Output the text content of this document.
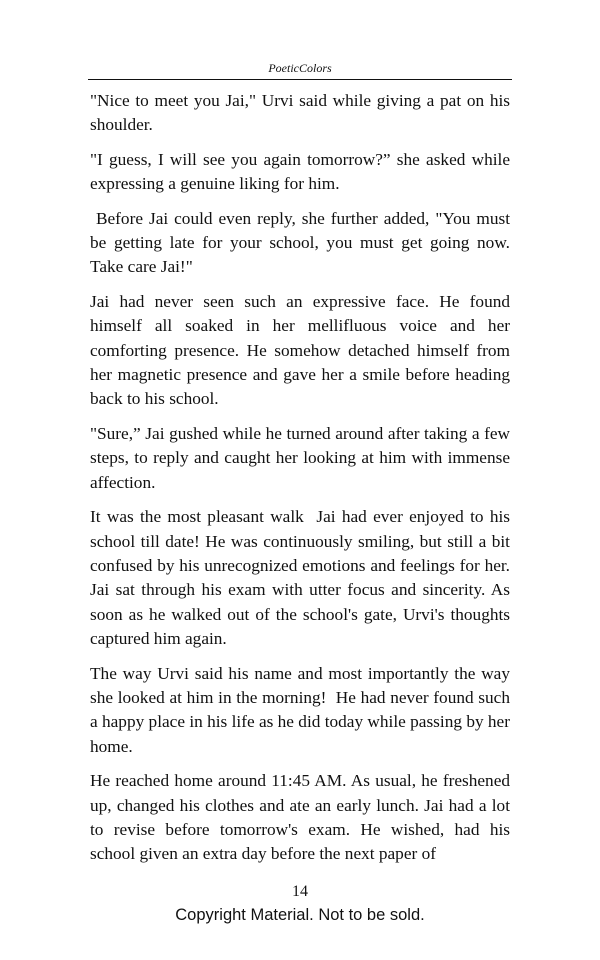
PoeticColors

"Nice to meet you Jai," Urvi said while giving a pat on his shoulder.

"I guess, I will see you again tomorrow?” she asked while expressing a genuine liking for him.

Before Jai could even reply, she further added, "You must be getting late for your school, you must get going now. Take care Jai!"

Jai had never seen such an expressive face. He found himself all soaked in her mellifluous voice and her comforting presence. He somehow detached himself from her magnetic presence and gave her a smile before heading back to his school.

"Sure,” Jai gushed while he turned around after taking a few steps, to reply and caught her looking at him with immense affection.

It was the most pleasant walk  Jai had ever enjoyed to his school till date! He was continuously smiling, but still a bit confused by his unrecognized emotions and feelings for her.  Jai sat through his exam with utter focus and sincerity. As soon as he walked out of the school's gate, Urvi's thoughts captured him again.

The way Urvi said his name and most importantly the way she looked at him in the morning!  He had never found such a happy place in his life as he did today while passing by her home.

He reached home around 11:45 AM. As usual, he freshened up, changed his clothes and ate an early lunch. Jai had a lot to revise before tomorrow's exam. He wished, had his school given an extra day before the next paper of

14
Copyright Material. Not to be sold.
